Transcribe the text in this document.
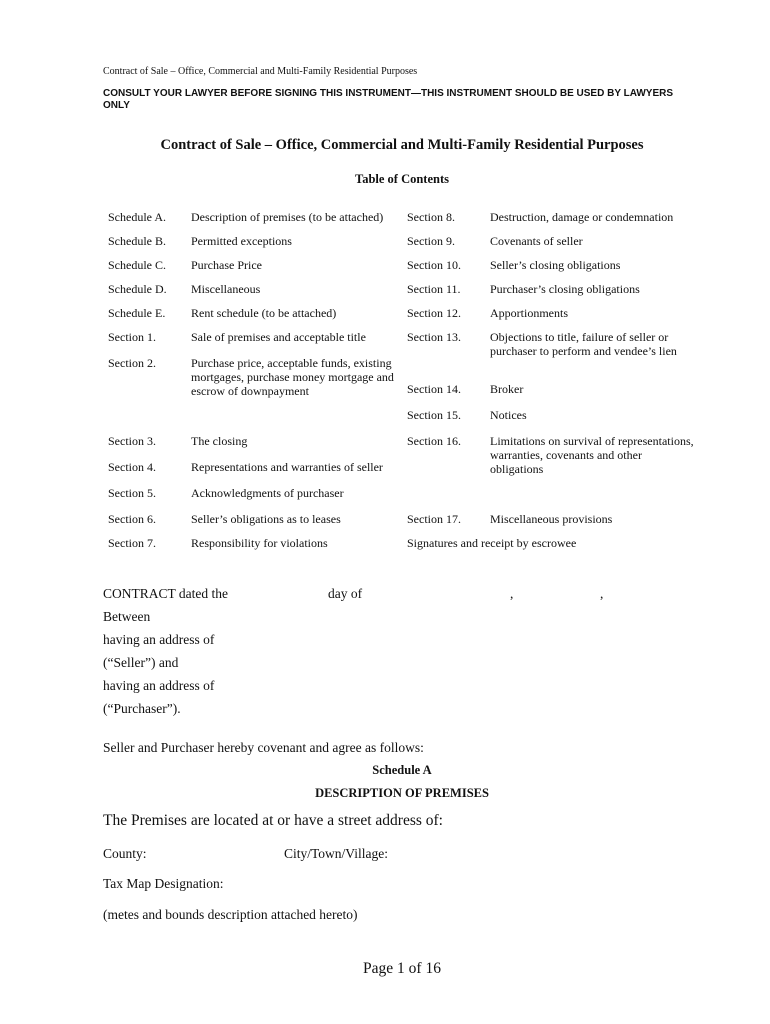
Contract of Sale – Office, Commercial and Multi-Family Residential Purposes
CONSULT YOUR LAWYER BEFORE SIGNING THIS INSTRUMENT—THIS INSTRUMENT SHOULD BE USED BY LAWYERS ONLY
Contract of Sale – Office, Commercial and Multi-Family Residential Purposes
Table of Contents
Schedule A. Description of premises (to be attached)
Schedule B. Permitted exceptions
Schedule C. Purchase Price
Schedule D. Miscellaneous
Schedule E. Rent schedule (to be attached)
Section 1.	Sale of premises and acceptable title
Section 2.	Purchase price, acceptable funds, existing mortgages, purchase money mortgage and escrow of downpayment
Section 3.	The closing
Section 4.	Representations and warranties of seller
Section 5.	Acknowledgments of purchaser
Section 6.	Seller’s obligations as to leases
Section 7.	Responsibility for violations
Section 8.	Destruction, damage or condemnation
Section 9.	Covenants of seller
Section 10. Seller’s closing obligations
Section 11. Purchaser’s closing obligations
Section 12. Apportionments
Section 13. Objections to title, failure of seller or purchaser to perform and vendee’s lien
Section 14. Broker
Section 15. Notices
Section 16. Limitations on survival of representations, warranties, covenants and other obligations
Section 17. Miscellaneous provisions
Signatures and receipt by escrowee
CONTRACT dated the	day of	,	,
Between
having an address of
(“Seller”) and
having an address of
(“Purchaser”).
Seller and Purchaser hereby covenant and agree as follows:
Schedule A
DESCRIPTION OF PREMISES
The Premises are located at or have a street address of:
County:	City/Town/Village:
Tax Map Designation:
(metes and bounds description attached hereto)
Page 1 of 16
